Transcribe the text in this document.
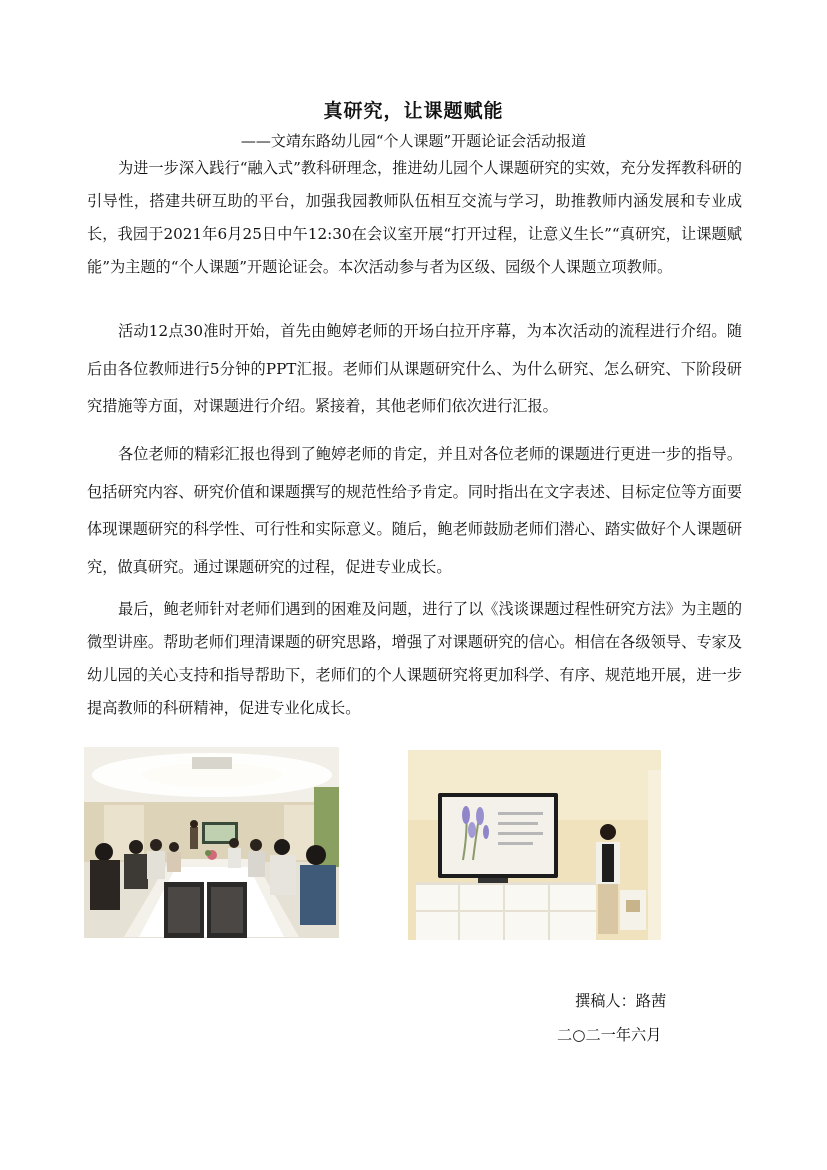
真研究，让课题赋能

——文靖东路幼儿园“个人课题”开题论证会活动报道

为进一步深入践行“融入式”教科研理念，推进幼儿园个人课题研究的实效，充分发挥教科研的引导性，搭建共研互助的平台，加强我园教师队伍相互交流与学习，助推教师内涵发展和专业成长，我园于2021年6月25日中午12:30在会议室开展“打开过程，让意义生长”“真研究，让课题赋能”为主题的“个人课题”开题论证会。本次活动参与者为区级、园级个人课题立项教师。

活动12点30准时开始，首先由鲍婷老师的开场白拉开序幕，为本次活动的流程进行介绍。随后由各位教师进行5分钟的PPT汇报。老师们从课题研究什么、为什么研究、怎么研究、下阶段研究措施等方面，对课题进行介绍。紧接着，其他老师们依次进行汇报。

各位老师的精彩汇报也得到了鲍婷老师的肯定，并且对各位老师的课题进行更进一步的指导。包括研究内容、研究价值和课题撰写的规范性给予肯定。同时指出在文字表述、目标定位等方面要体现课题研究的科学性、可行性和实际意义。随后，鲍老师鼓励老师们潜心、踏实做好个人课题研究，做真研究。通过课题研究的过程，促进专业成长。

最后，鲍老师针对老师们遇到的困难及问题，进行了以《浅谈课题过程性研究方法》为主题的微型讲座。帮助老师们理清课题的研究思路，增强了对课题研究的信心。相信在各级领导、专家及幼儿园的关心支持和指导帮助下，老师们的个人课题研究将更加科学、有序、规范地开展，进一步提高教师的科研精神，促进专业化成长。

撰稿人：路茜

二○二一年六月
